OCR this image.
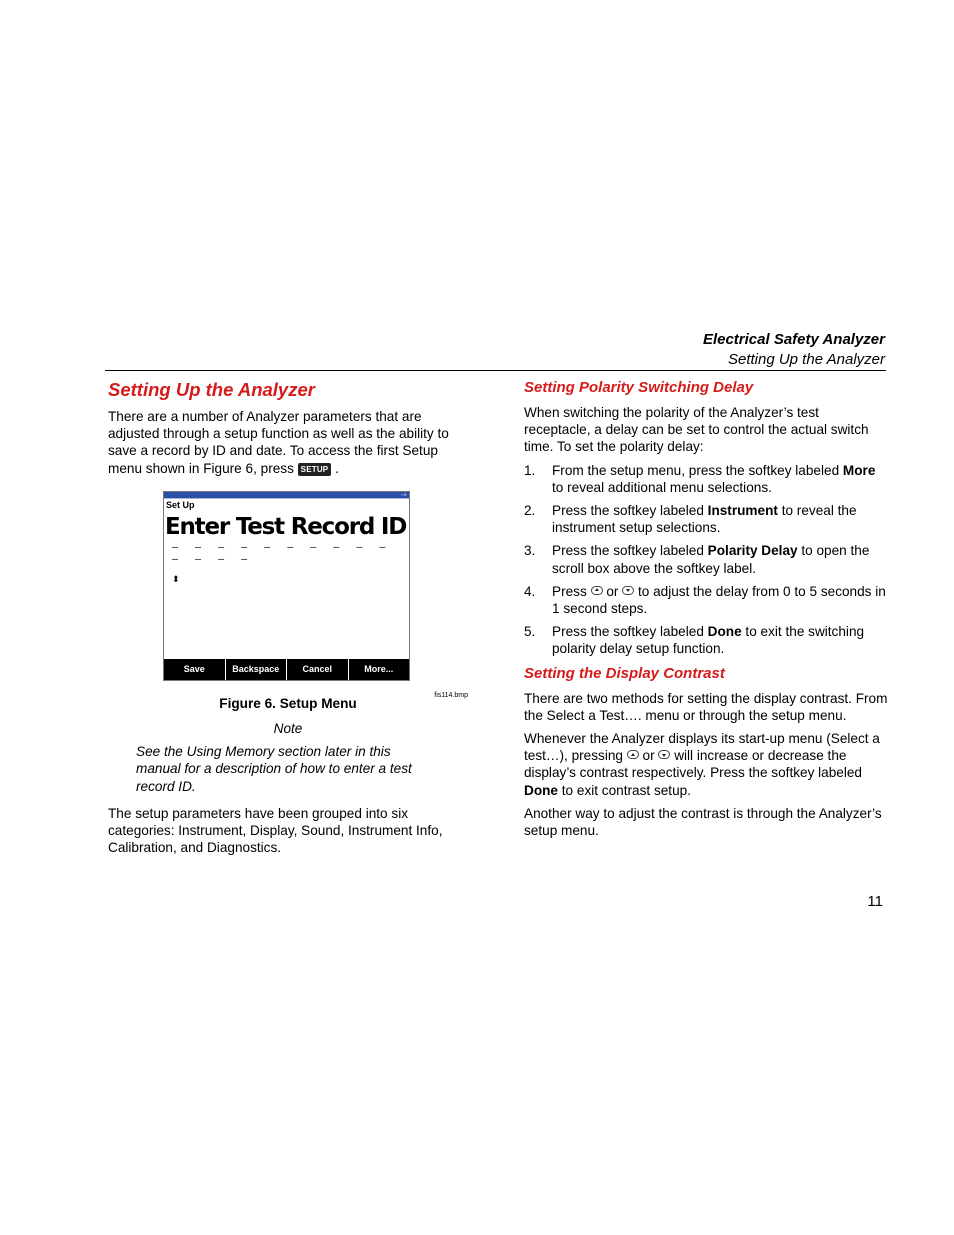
Electrical Safety Analyzer

Setting Up the Analyzer

Setting Up the Analyzer

There are a number of Analyzer parameters that are adjusted through a setup function as well as the ability to save a record by ID and date. To access the first Setup menu shown in Figure 6, press SETUP .

▫▫✕
Set Up
Enter Test Record ID
– – – – – – – – – – – – – –
⬍
Save	Backspace	Cancel	More...
fis114.bmp
Figure 6. Setup Menu
Note

See the Using Memory section later in this manual for a description of how to enter a test record ID.

The setup parameters have been grouped into six categories: Instrument, Display, Sound, Instrument Info, Calibration, and Diagnostics.

Setting Polarity Switching Delay

When switching the polarity of the Analyzer’s test receptacle, a delay can be set to control the actual switch time. To set the polarity delay:

1. From the setup menu, press the softkey labeled More to reveal additional menu selections.
2. Press the softkey labeled Instrument to reveal the instrument setup selections.
3. Press the softkey labeled Polarity Delay to open the scroll box above the softkey label.
4. Press or to adjust the delay from 0 to 5 seconds in 1 second steps.
5. Press the softkey labeled Done to exit the switching polarity delay setup function.
Setting the Display Contrast

There are two methods for setting the display contrast. From the Select a Test…. menu or through the setup menu.

Whenever the Analyzer displays its start-up menu (Select a test…), pressing or will increase or decrease the display’s contrast respectively. Press the softkey labeled Done to exit contrast setup.

Another way to adjust the contrast is through the Analyzer’s setup menu.

11
